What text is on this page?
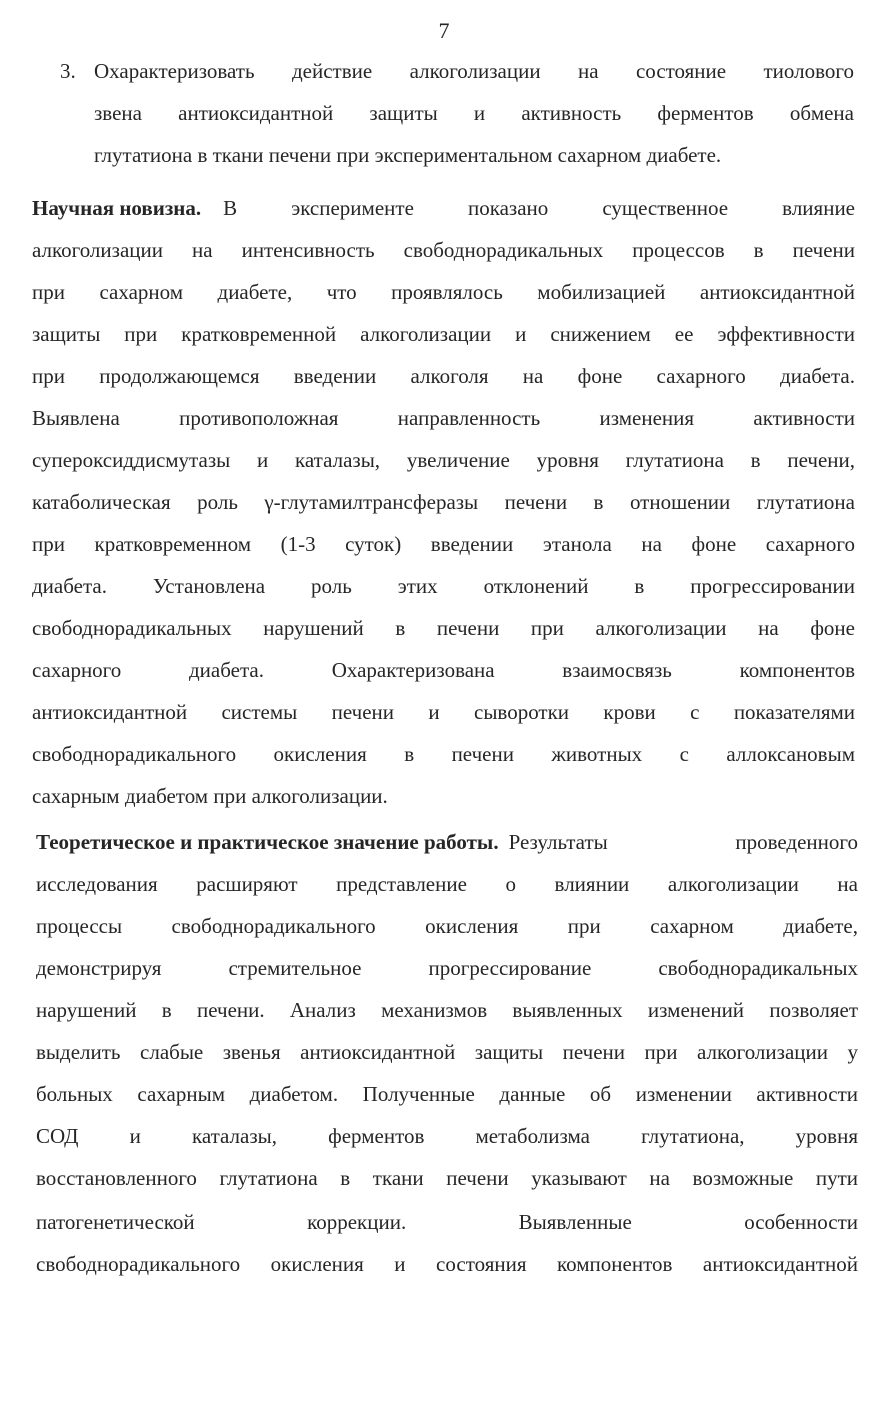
7
3. Охарактеризовать действие алкоголизации на состояние тиолового
звена антиоксидантной защиты и активность ферментов обмена
глутатиона в ткани печени при экспериментальном сахарном диабете.
Научная новизна. В эксперименте показано существенное влияние
алкоголизации на интенсивность свободнорадикальных процессов в печени
при сахарном диабете, что проявлялось мобилизацией антиоксидантной
защиты при кратковременной алкоголизации и снижением ее эффективности
при продолжающемся введении алкоголя на фоне сахарного диабета.
Выявлена противоположная направленность изменения активности
супероксиддисмутазы и каталазы, увеличение уровня глутатиона в печени,
катаболическая роль γ-глутамилтрансферазы печени в отношении глутатиона
при кратковременном (1-3 суток) введении этанола на фоне сахарного
диабета. Установлена роль этих отклонений в прогрессировании
свободнорадикальных нарушений в печени при алкоголизации на фоне
сахарного диабета. Охарактеризована взаимосвязь компонентов
антиоксидантной системы печени и сыворотки крови с показателями
свободнорадикального окисления в печени животных с аллоксановым
сахарным диабетом при алкоголизации.
Теоретическое и практическое значение работы. Результаты проведенного
исследования расширяют представление о влиянии алкоголизации на
процессы свободнорадикального окисления при сахарном диабете,
демонстрируя стремительное прогрессирование свободнорадикальных
нарушений в печени. Анализ механизмов выявленных изменений позволяет
выделить слабые звенья антиоксидантной защиты печени при алкоголизации у
больных сахарным диабетом. Полученные данные об изменении активности
СОД и каталазы, ферментов метаболизма глутатиона, уровня
восстановленного глутатиона в ткани печени указывают на возможные пути
патогенетической коррекции. Выявленные особенности
свободнорадикального окисления и состояния компонентов антиоксидантной
